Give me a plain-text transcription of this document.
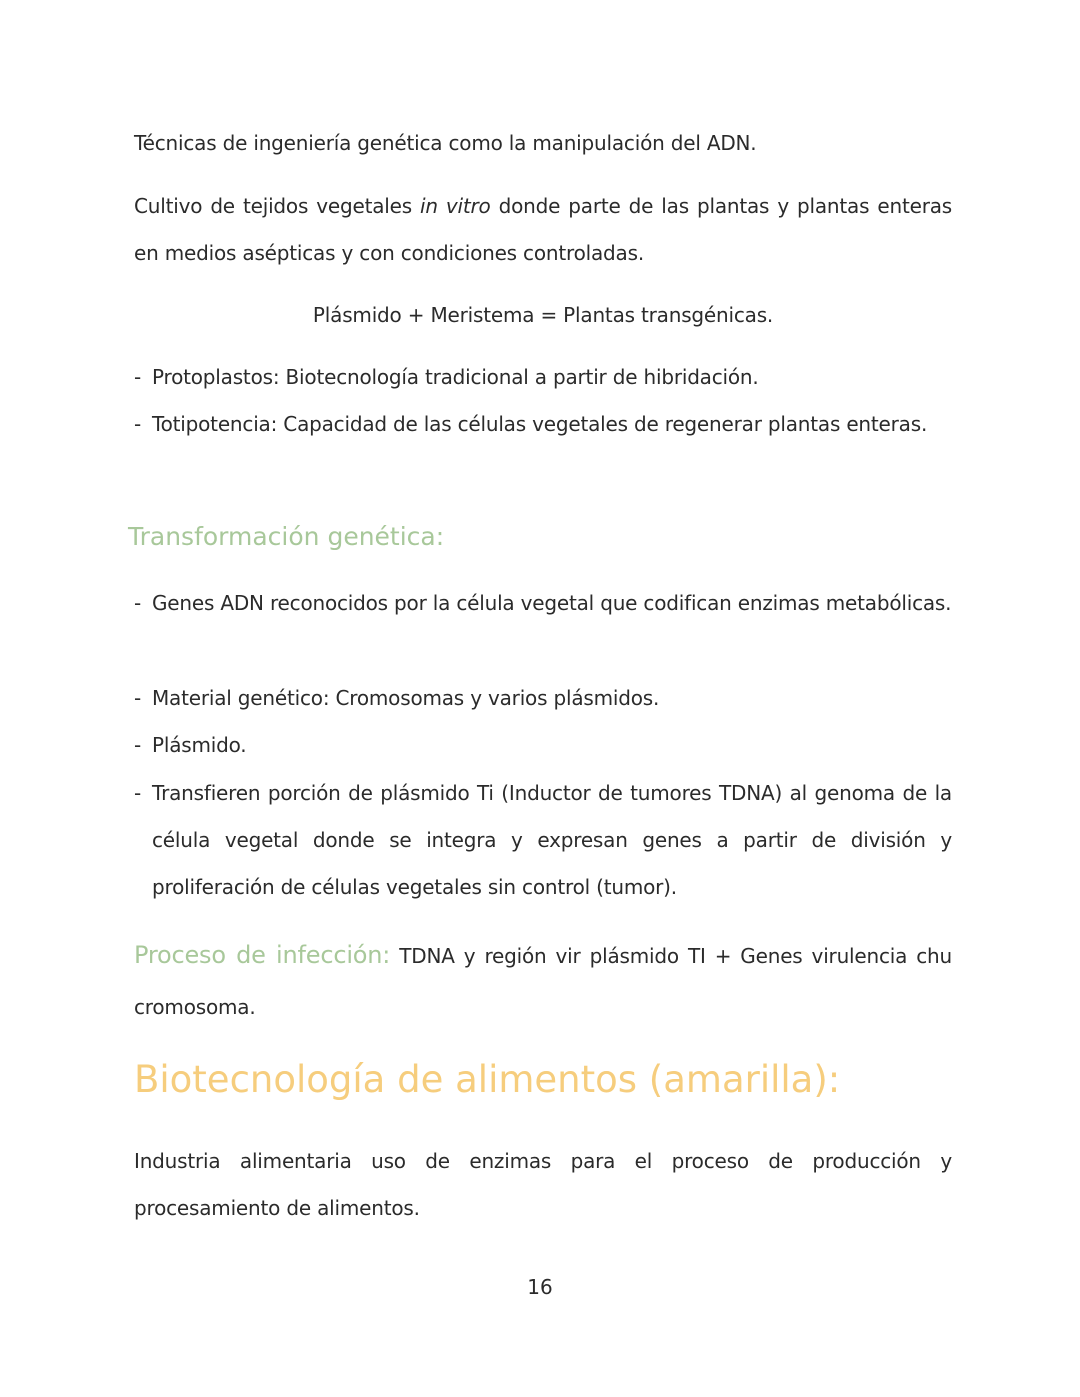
Técnicas de ingeniería genética como la manipulación del ADN.
Cultivo de tejidos vegetales in vitro donde parte de las plantas y plantas enteras en medios asépticas y con condiciones controladas.
Plásmido + Meristema = Plantas transgénicas.
- Protoplastos: Biotecnología tradicional a partir de hibridación.
- Totipotencia: Capacidad de las células vegetales de regenerar plantas enteras.
Transformación genética:
- Genes ADN reconocidos por la célula vegetal que codifican enzimas metabólicas.
- Material genético: Cromosomas y varios plásmidos.
- Plásmido.
- Transfieren porción de plásmido Ti (Inductor de tumores TDNA) al genoma de la célula vegetal donde se integra y expresan genes a partir de división y proliferación de células vegetales sin control (tumor).
Proceso de infección: TDNA y región vir plásmido TI + Genes virulencia chu cromosoma.
Biotecnología de alimentos (amarilla):
Industria alimentaria uso de enzimas para el proceso de producción y procesamiento de alimentos.
16
